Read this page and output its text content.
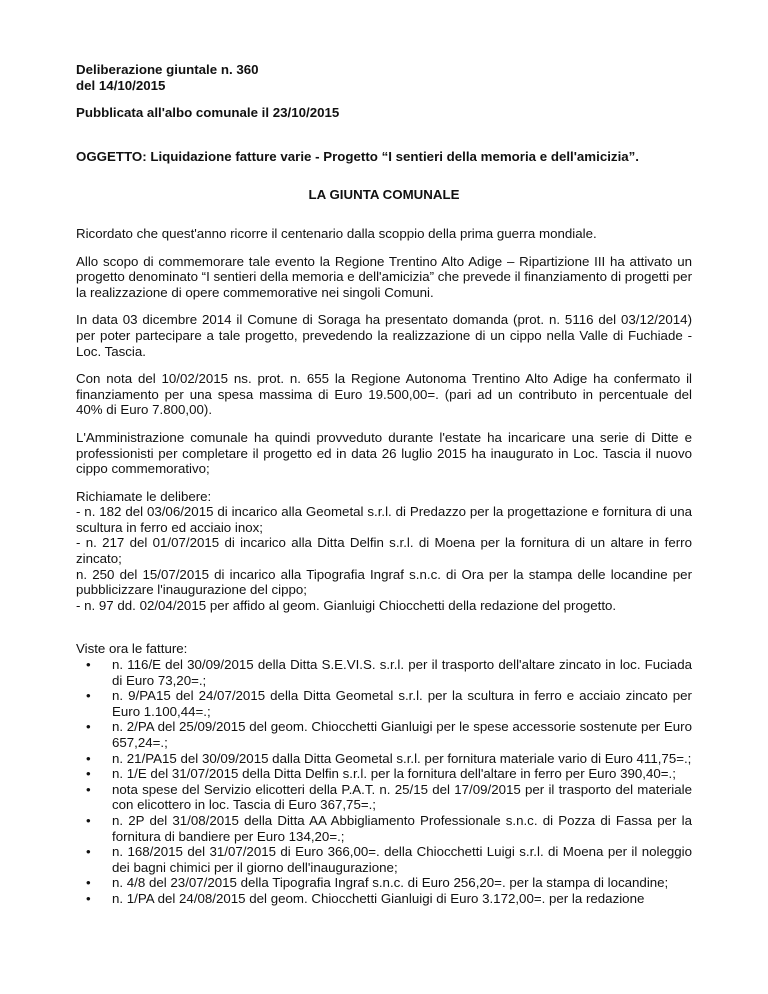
Deliberazione giuntale n. 360

del 14/10/2015

Pubblicata all'albo comunale il 23/10/2015

OGGETTO: Liquidazione fatture varie - Progetto “I sentieri della memoria e dell'amicizia”.

LA GIUNTA COMUNALE

Ricordato che quest'anno ricorre il centenario dalla scoppio della prima guerra mondiale.

Allo scopo di commemorare tale evento la Regione Trentino Alto Adige – Ripartizione III ha attivato un progetto denominato “I sentieri della memoria e dell'amicizia” che prevede il finanziamento di progetti per la realizzazione di opere commemorative nei singoli Comuni.

In data 03 dicembre 2014 il Comune di Soraga ha presentato domanda (prot. n. 5116 del 03/12/2014) per poter partecipare a tale progetto, prevedendo la realizzazione di un cippo nella Valle di Fuchiade - Loc. Tascia.

Con nota del 10/02/2015 ns. prot. n. 655 la Regione Autonoma Trentino Alto Adige ha confermato il finanziamento per una spesa massima di Euro 19.500,00=. (pari ad un contributo in percentuale del 40% di Euro 7.800,00).

L'Amministrazione comunale ha quindi provveduto durante l'estate ha incaricare una serie di Ditte e professionisti per completare il progetto ed in data 26 luglio 2015 ha inaugurato in Loc. Tascia il nuovo cippo commemorativo;

Richiamate le delibere:

- n. 182 del 03/06/2015 di incarico alla Geometal s.r.l. di Predazzo per la progettazione e fornitura di una scultura in ferro ed acciaio inox;

- n. 217 del 01/07/2015 di incarico alla Ditta Delfin s.r.l. di Moena per la fornitura di un altare in ferro zincato;

n. 250 del 15/07/2015 di incarico alla Tipografia Ingraf s.n.c. di Ora per la stampa delle locandine per pubblicizzare l'inaugurazione del cippo;

- n. 97 dd. 02/04/2015 per affido al geom. Gianluigi Chiocchetti della redazione del progetto.

Viste ora le fatture:

• n. 116/E del 30/09/2015 della Ditta S.E.VI.S. s.r.l. per il trasporto dell'altare zincato in loc. Fuciada di Euro 73,20=.;
• n. 9/PA15 del 24/07/2015 della Ditta Geometal s.r.l. per la scultura in ferro e acciaio zincato per Euro 1.100,44=.;
• n. 2/PA del 25/09/2015 del geom. Chiocchetti Gianluigi per le spese accessorie sostenute per Euro 657,24=.;
• n. 21/PA15 del 30/09/2015 dalla Ditta Geometal s.r.l. per fornitura materiale vario di Euro 411,75=.;
• n. 1/E del 31/07/2015 della Ditta Delfin s.r.l. per la fornitura dell'altare in ferro per Euro 390,40=.;
• nota spese del Servizio elicotteri della P.A.T. n. 25/15 del 17/09/2015 per il trasporto del materiale con elicottero in loc. Tascia di Euro 367,75=.;
• n. 2P del 31/08/2015 della Ditta AA Abbigliamento Professionale s.n.c. di Pozza di Fassa per la fornitura di bandiere per Euro 134,20=.;
• n. 168/2015 del 31/07/2015 di Euro 366,00=. della Chiocchetti Luigi s.r.l. di Moena per il noleggio dei bagni chimici per il giorno dell'inaugurazione;
• n. 4/8 del 23/07/2015 della Tipografia Ingraf s.n.c. di Euro 256,20=. per la stampa di locandine;
• n. 1/PA del 24/08/2015 del geom. Chiocchetti Gianluigi di Euro 3.172,00=. per la redazione
